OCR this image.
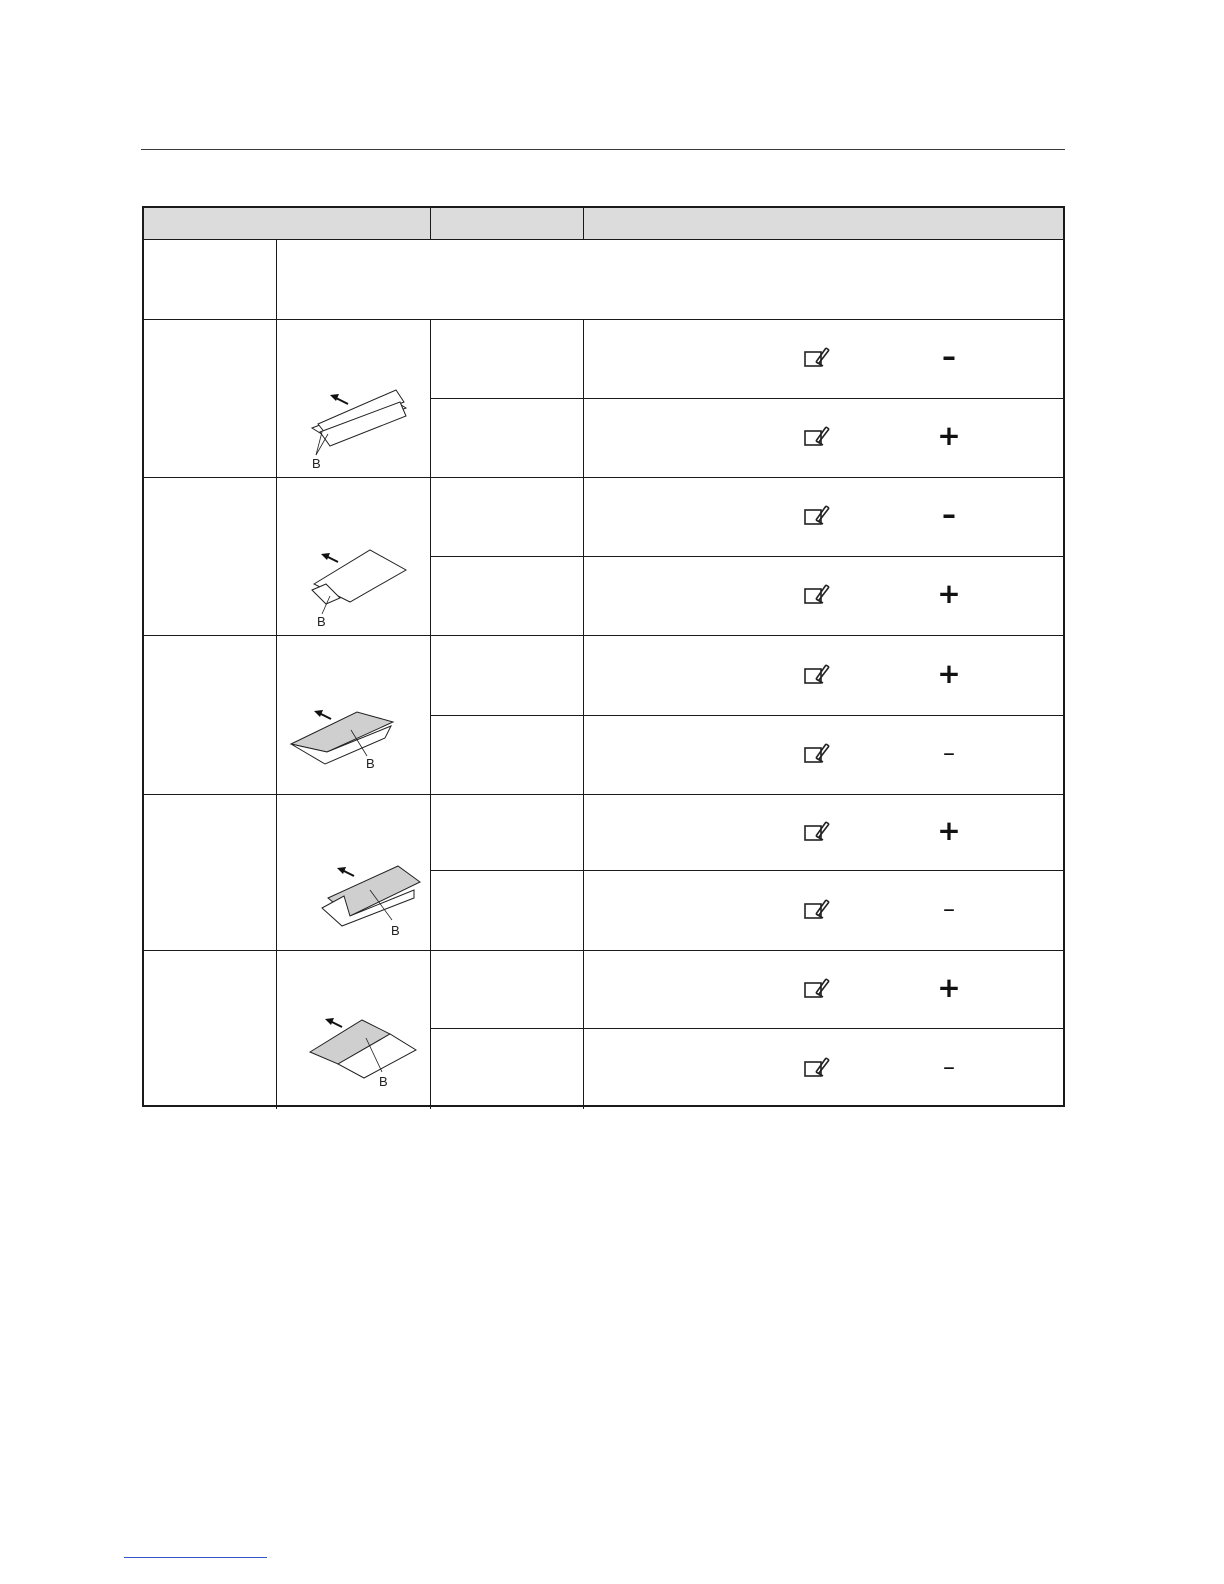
B
B
B
B
B
–
+
–
+
+
–
+
–
+
–
